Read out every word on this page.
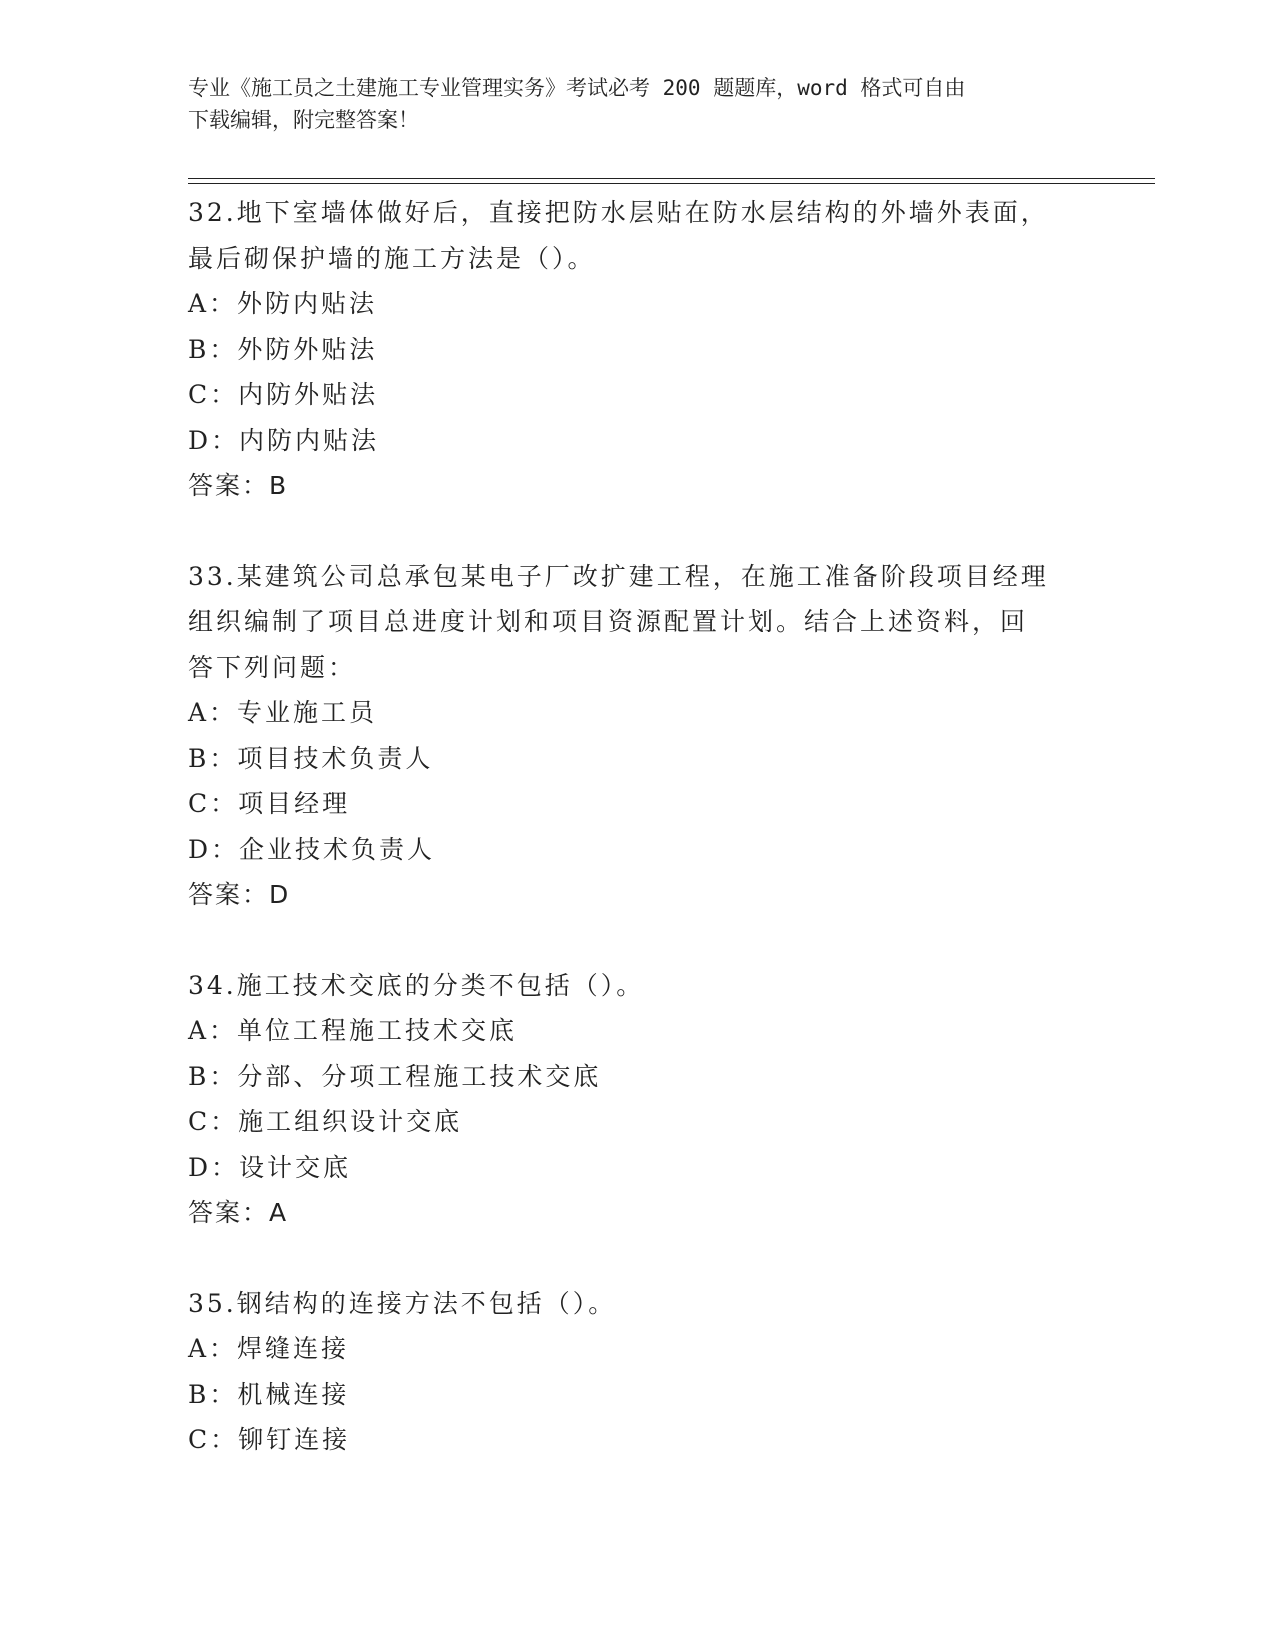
专业《施工员之土建施工专业管理实务》考试必考 200 题题库，word 格式可自由
下载编辑，附完整答案！
32.地下室墙体做好后，直接把防水层贴在防水层结构的外墙外表面，
最后砌保护墙的施工方法是（）。
A：外防内贴法
B：外防外贴法
C：内防外贴法
D：内防内贴法
答案：B
33.某建筑公司总承包某电子厂改扩建工程，在施工准备阶段项目经理
组织编制了项目总进度计划和项目资源配置计划。结合上述资料，回
答下列问题：
A：专业施工员
B：项目技术负责人
C：项目经理
D：企业技术负责人
答案：D
34.施工技术交底的分类不包括（）。
A：单位工程施工技术交底
B：分部、分项工程施工技术交底
C：施工组织设计交底
D：设计交底
答案：A
35.钢结构的连接方法不包括（）。
A：焊缝连接
B：机械连接
C：铆钉连接
